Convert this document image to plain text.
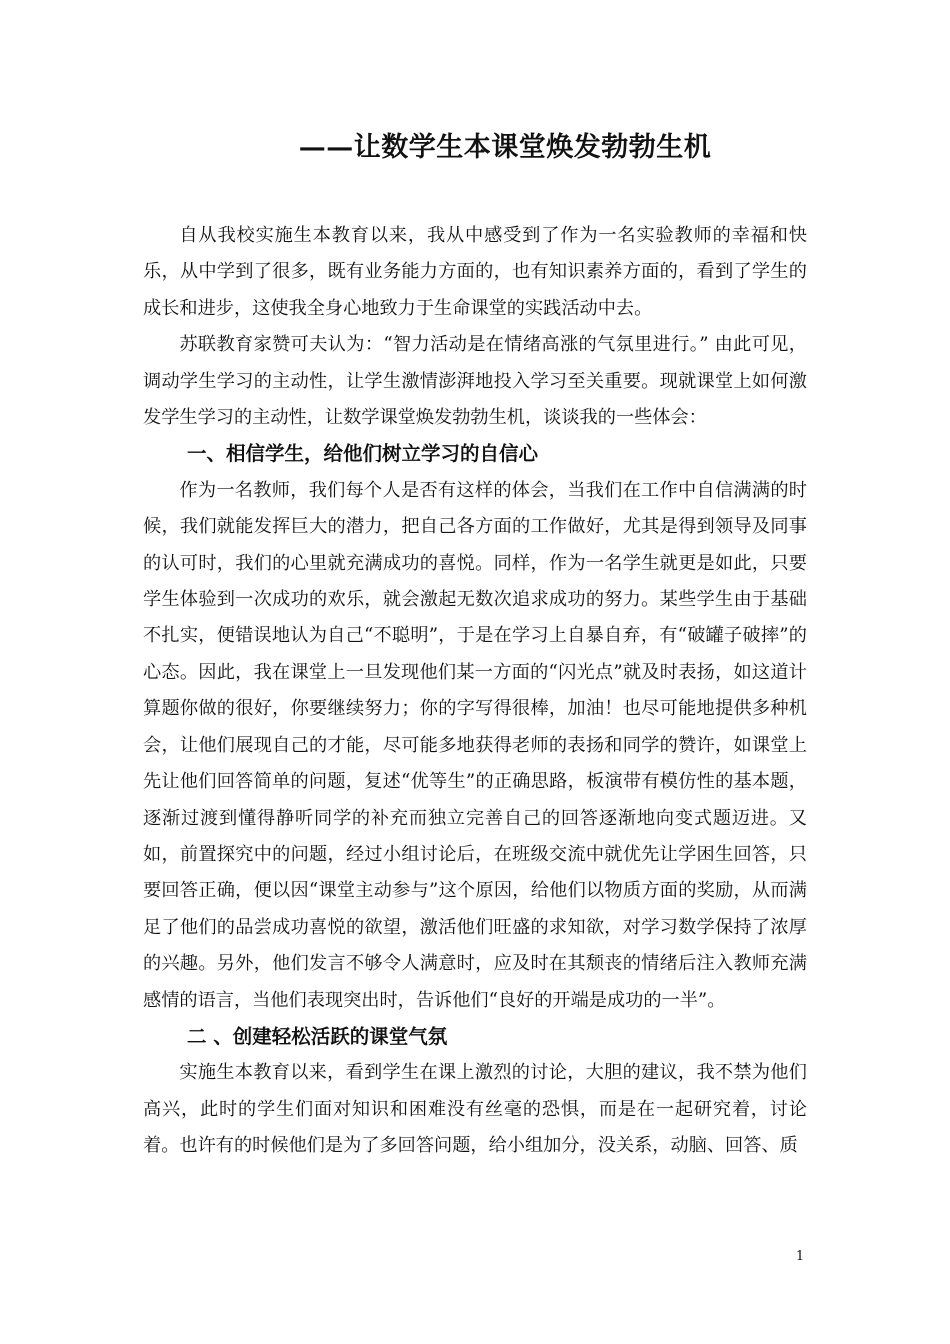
——让数学生本课堂焕发勃勃生机

自从我校实施生本教育以来，我从中感受到了作为一名实验教师的幸福和快乐，从中学到了很多，既有业务能力方面的，也有知识素养方面的，看到了学生的成长和进步，这使我全身心地致力于生命课堂的实践活动中去。

苏联教育家赞可夫认为：“智力活动是在情绪高涨的气氛里进行。” 由此可见，调动学生学习的主动性，让学生激情澎湃地投入学习至关重要。现就课堂上如何激发学生学习的主动性，让数学课堂焕发勃勃生机，谈谈我的一些体会：

一、相信学生，给他们树立学习的自信心

作为一名教师，我们每个人是否有这样的体会，当我们在工作中自信满满的时候，我们就能发挥巨大的潜力，把自己各方面的工作做好，尤其是得到领导及同事的认可时，我们的心里就充满成功的喜悦。同样，作为一名学生就更是如此，只要学生体验到一次成功的欢乐，就会激起无数次追求成功的努力。某些学生由于基础不扎实，便错误地认为自己“不聪明”，于是在学习上自暴自弃，有“破罐子破摔”的心态。因此，我在课堂上一旦发现他们某一方面的“闪光点”就及时表扬，如这道计算题你做的很好，你要继续努力；你的字写得很棒，加油！也尽可能地提供多种机会，让他们展现自己的才能，尽可能多地获得老师的表扬和同学的赞许，如课堂上先让他们回答简单的问题，复述“优等生”的正确思路，板演带有模仿性的基本题，逐渐过渡到懂得静听同学的补充而独立完善自己的回答逐渐地向变式题迈进。又如，前置探究中的问题，经过小组讨论后，在班级交流中就优先让学困生回答，只要回答正确，便以因“课堂主动参与”这个原因，给他们以物质方面的奖励，从而满足了他们的品尝成功喜悦的欲望，激活他们旺盛的求知欲，对学习数学保持了浓厚的兴趣。另外，他们发言不够令人满意时，应及时在其颓丧的情绪后注入教师充满感情的语言，当他们表现突出时，告诉他们“良好的开端是成功的一半”。

二 、创建轻松活跃的课堂气氛

实施生本教育以来，看到学生在课上激烈的讨论，大胆的建议，我不禁为他们高兴，此时的学生们面对知识和困难没有丝毫的恐惧，而是在一起研究着，讨论着。也许有的时候他们是为了多回答问题，给小组加分，没关系，动脑、回答、质

1
